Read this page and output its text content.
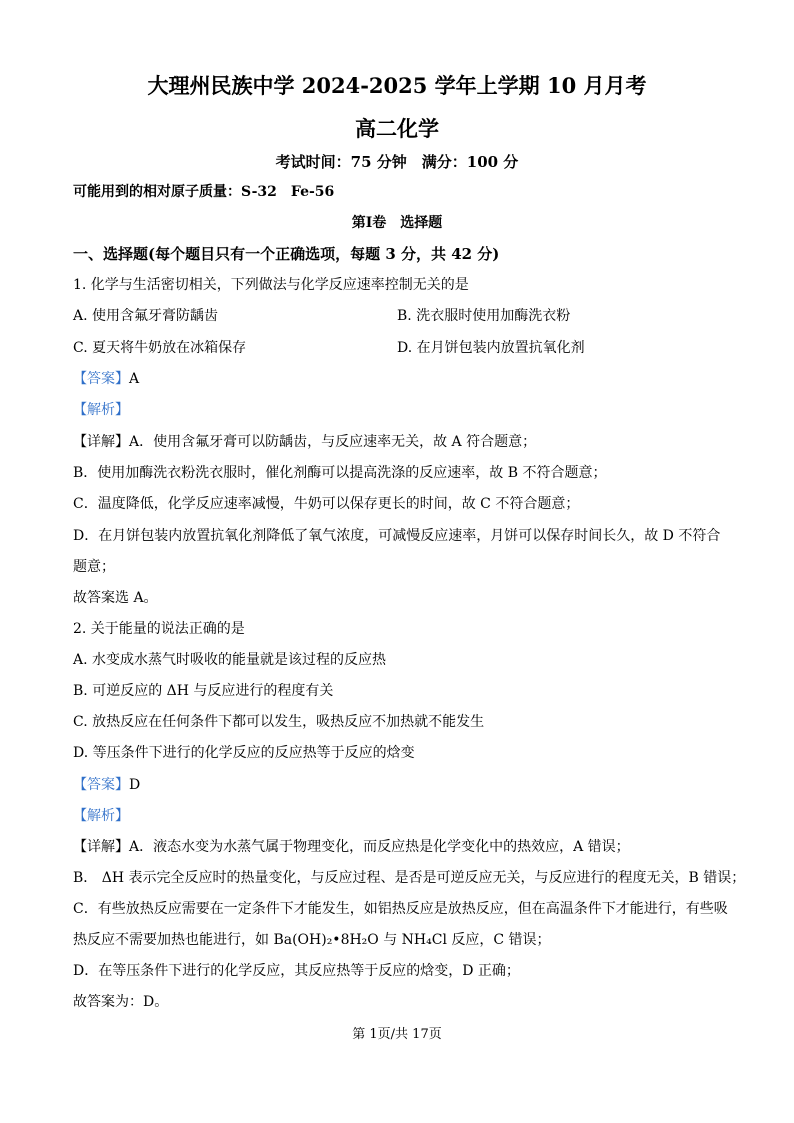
大理州民族中学 2024-2025 学年上学期 10 月月考
高二化学
考试时间：75 分钟　满分：100 分
可能用到的相对原子质量：S-32　Fe-56
第Ⅰ卷　选择题
一、选择题(每个题目只有一个正确选项，每题 3 分，共 42 分)
1. 化学与生活密切相关，下列做法与化学反应速率控制无关的是
A. 使用含氟牙膏防龋齿	B. 洗衣服时使用加酶洗衣粉
C. 夏天将牛奶放在冰箱保存	D. 在月饼包装内放置抗氧化剂
【答案】A
【解析】
【详解】A．使用含氟牙膏可以防龋齿，与反应速率无关，故 A 符合题意；
B．使用加酶洗衣粉洗衣服时，催化剂酶可以提高洗涤的反应速率，故 B 不符合题意；
C．温度降低，化学反应速率减慢，牛奶可以保存更长的时间，故 C 不符合题意；
D．在月饼包装内放置抗氧化剂降低了氧气浓度，可减慢反应速率，月饼可以保存时间长久，故 D 不符合
题意；
故答案选 A。
2. 关于能量的说法正确的是
A. 水变成水蒸气时吸收的能量就是该过程的反应热
B. 可逆反应的 ΔH 与反应进行的程度有关
C. 放热反应在任何条件下都可以发生，吸热反应不加热就不能发生
D. 等压条件下进行的化学反应的反应热等于反应的焓变
【答案】D
【解析】
【详解】A．液态水变为水蒸气属于物理变化，而反应热是化学变化中的热效应，A 错误；
B． ΔH 表示完全反应时的热量变化，与反应过程、是否是可逆反应无关，与反应进行的程度无关，B 错误；
C．有些放热反应需要在一定条件下才能发生，如铝热反应是放热反应，但在高温条件下才能进行，有些吸
热反应不需要加热也能进行，如 Ba(OH)₂•8H₂O 与 NH₄Cl 反应，C 错误；
D．在等压条件下进行的化学反应，其反应热等于反应的焓变，D 正确；
故答案为：D。
第 1页/共 17页
